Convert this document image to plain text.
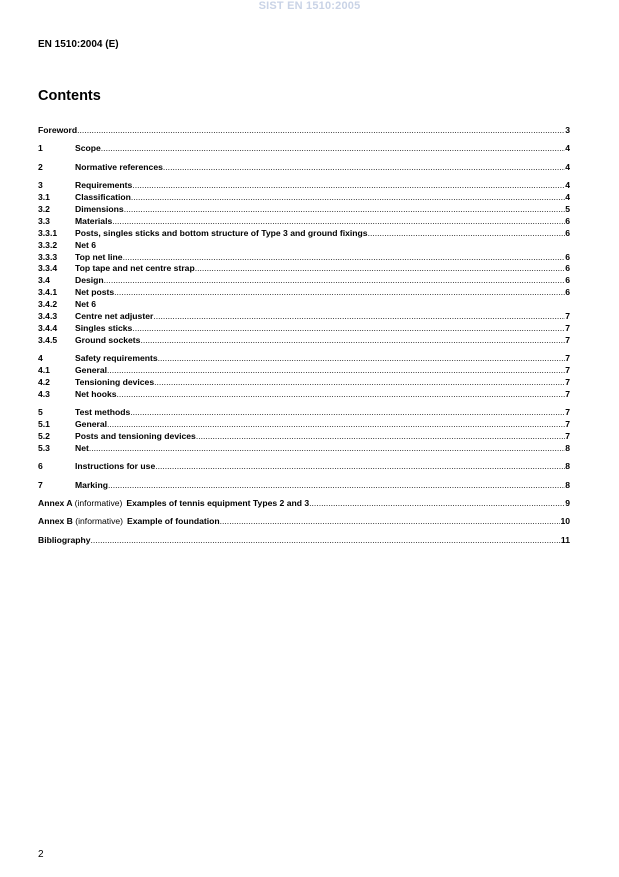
SIST EN 1510:2005
EN 1510:2004 (E)
Contents
Foreword .....	3
1	Scope .....	4
2	Normative references .....	4
3	Requirements .....	4
3.1	Classification .....	4
3.2	Dimensions .....	5
3.3	Materials .....	6
3.3.1	Posts, singles sticks and bottom structure of Type 3 and ground fixings .....	6
3.3.2	Net 6
3.3.3	Top net line .....	6
3.3.4	Top tape and net centre strap .....	6
3.4	Design .....	6
3.4.1	Net posts .....	6
3.4.2	Net 6
3.4.3	Centre net adjuster .....	7
3.4.4	Singles sticks .....	7
3.4.5	Ground sockets .....	7
4	Safety requirements .....	7
4.1	General .....	7
4.2	Tensioning devices .....	7
4.3	Net hooks .....	7
5	Test methods .....	7
5.1	General .....	7
5.2	Posts and tensioning devices .....	7
5.3	Net .....	8
6	Instructions for use .....	8
7	Marking .....	8
Annex A (informative) Examples of tennis equipment Types 2 and 3 .....	9
Annex B (informative) Example of foundation .....	10
Bibliography .....	11
2
